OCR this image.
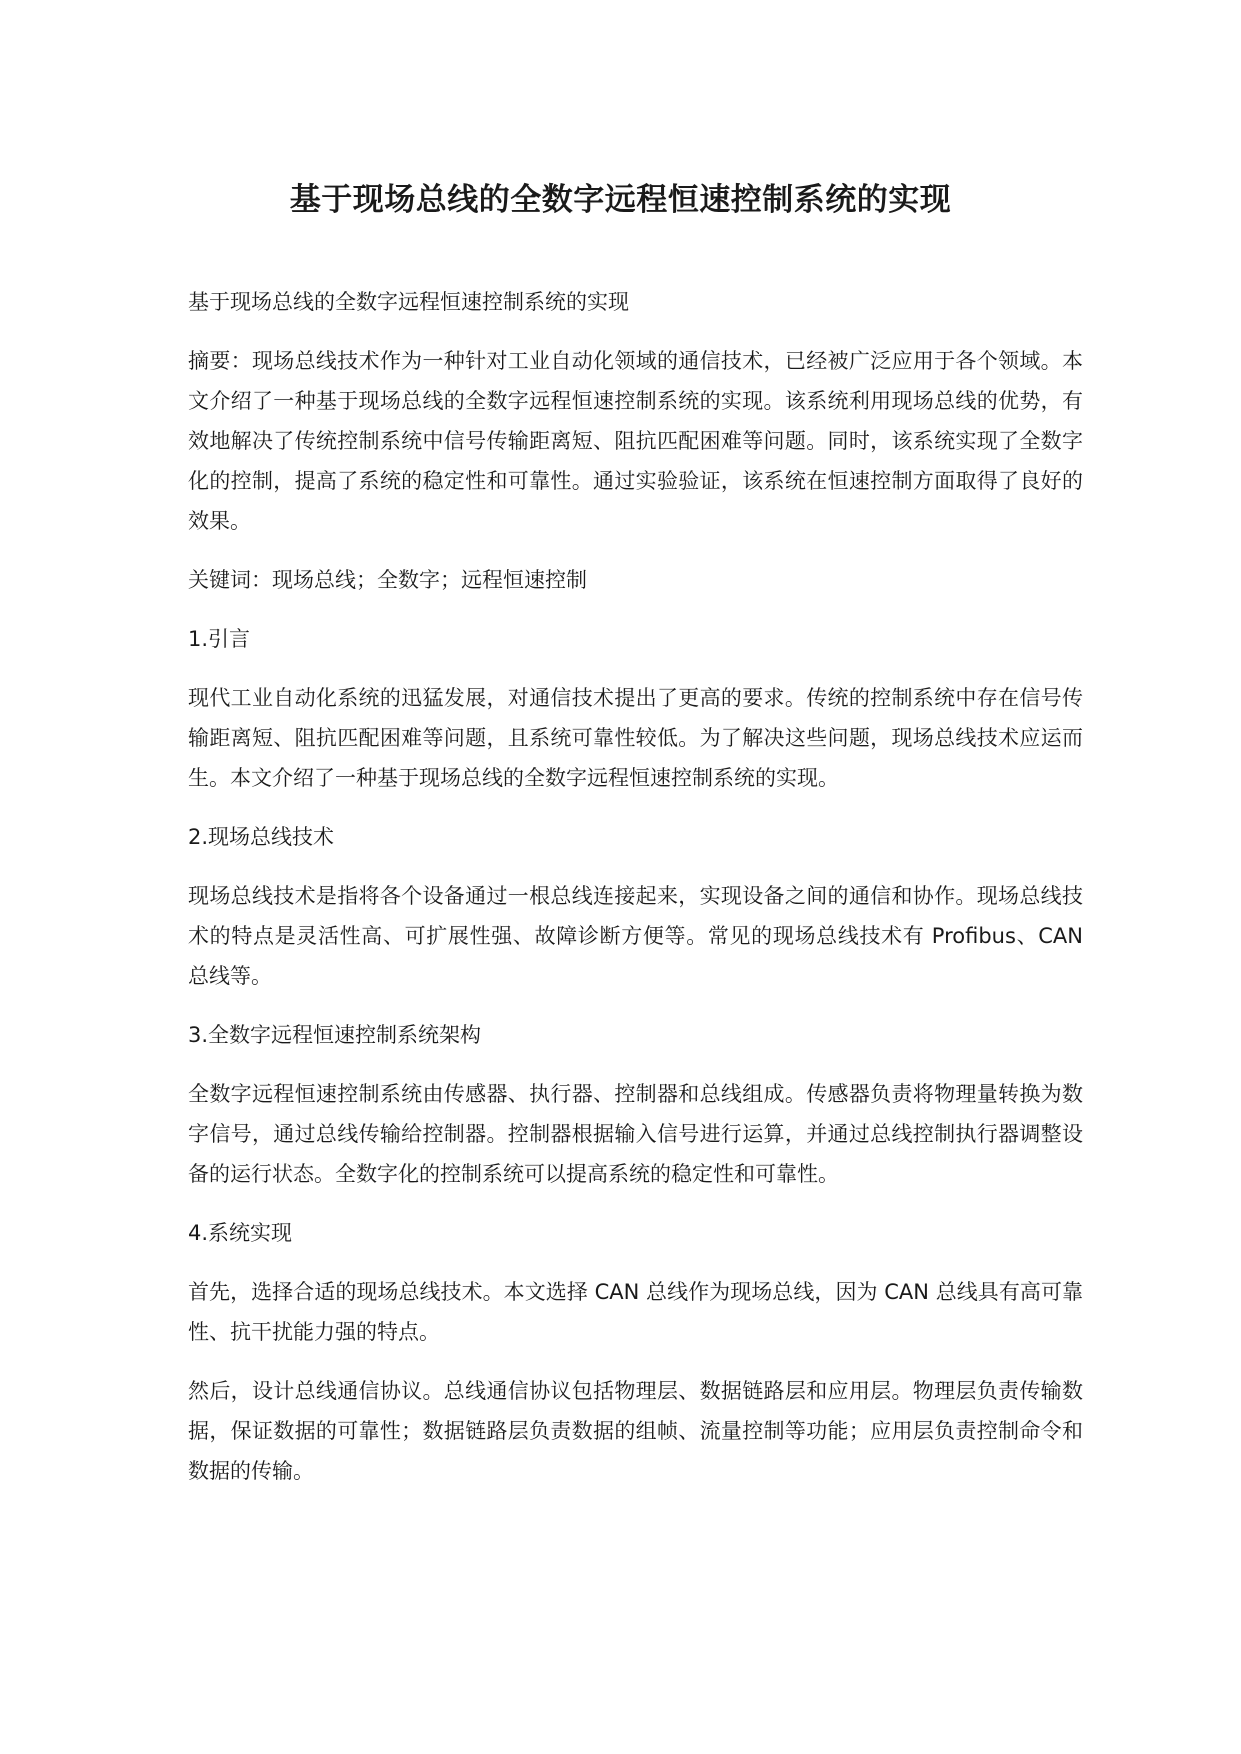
基于现场总线的全数字远程恒速控制系统的实现

基于现场总线的全数字远程恒速控制系统的实现

摘要：现场总线技术作为一种针对工业自动化领域的通信技术，已经被广泛应用于各个领域。本文介绍了一种基于现场总线的全数字远程恒速控制系统的实现。该系统利用现场总线的优势，有效地解决了传统控制系统中信号传输距离短、阻抗匹配困难等问题。同时，该系统实现了全数字化的控制，提高了系统的稳定性和可靠性。通过实验验证，该系统在恒速控制方面取得了良好的效果。

关键词：现场总线；全数字；远程恒速控制

1.引言

现代工业自动化系统的迅猛发展，对通信技术提出了更高的要求。传统的控制系统中存在信号传输距离短、阻抗匹配困难等问题，且系统可靠性较低。为了解决这些问题，现场总线技术应运而生。本文介绍了一种基于现场总线的全数字远程恒速控制系统的实现。

2.现场总线技术

现场总线技术是指将各个设备通过一根总线连接起来，实现设备之间的通信和协作。现场总线技术的特点是灵活性高、可扩展性强、故障诊断方便等。常见的现场总线技术有 Profibus、CAN 总线等。

3.全数字远程恒速控制系统架构

全数字远程恒速控制系统由传感器、执行器、控制器和总线组成。传感器负责将物理量转换为数字信号，通过总线传输给控制器。控制器根据输入信号进行运算，并通过总线控制执行器调整设备的运行状态。全数字化的控制系统可以提高系统的稳定性和可靠性。

4.系统实现

首先，选择合适的现场总线技术。本文选择 CAN 总线作为现场总线，因为 CAN 总线具有高可靠性、抗干扰能力强的特点。

然后，设计总线通信协议。总线通信协议包括物理层、数据链路层和应用层。物理层负责传输数据，保证数据的可靠性；数据链路层负责数据的组帧、流量控制等功能；应用层负责控制命令和数据的传输。
